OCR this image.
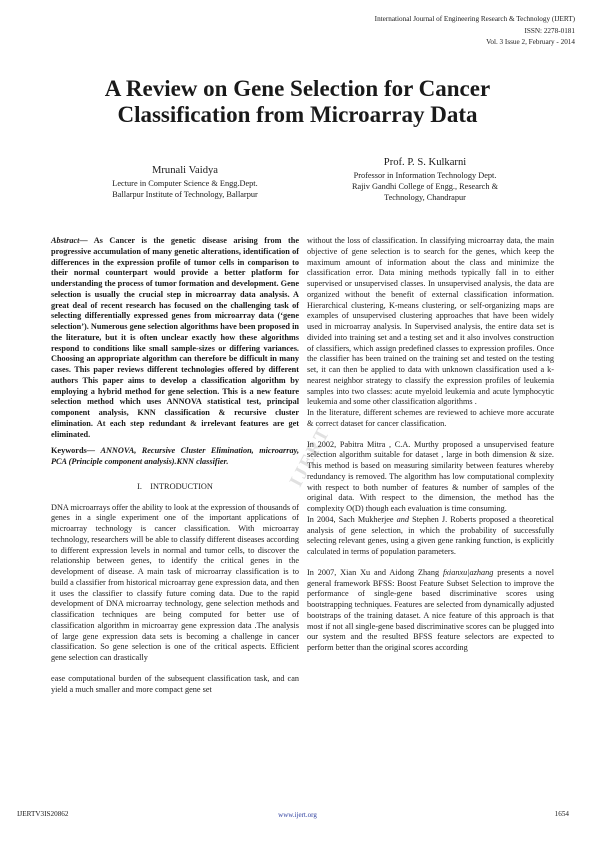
International Journal of Engineering Research & Technology (IJERT)
ISSN: 2278-0181
Vol. 3 Issue 2, February - 2014
A Review on Gene Selection for Cancer
Classification from Microarray Data
Mrunali Vaidya
Lecture in Computer Science & Engg.Dept.
Ballarpur Institute of Technology, Ballarpur
Prof. P. S. Kulkarni
Professor in Information Technology Dept.
Rajiv Gandhi College of Engg., Research &
Technology, Chandrapur

Abstract— As Cancer is the genetic disease arising from the progressive accumulation of many genetic alterations, identification of differences in the expression profile of tumor cells in comparison to their normal counterpart would provide a better platform for understanding the process of tumor formation and development. Gene selection is usually the crucial step in microarray data analysis. A great deal of recent research has focused on the challenging task of selecting differentially expressed genes from microarray data (‘gene selection’). Numerous gene selection algorithms have been proposed in the literature, but it is often unclear exactly how these algorithms respond to conditions like small sample-sizes or differing variances. Choosing an appropriate algorithm can therefore be difficult in many cases. This paper reviews different technologies offered by different authors This paper aims to develop a classification algorithm by employing a hybrid method for gene selection. This is a new feature selection method which uses ANNOVA statistical test, principal component analysis, KNN classification & recursive cluster elimination. At each step redundant & irrelevant features are get eliminated.

Keywords— ANNOVA, Recursive Cluster Elimination, microarray, PCA (Principle component analysis).KNN classifier.

I. INTRODUCTION

DNA microarrays offer the ability to look at the expression of thousands of genes in a single experiment one of the important applications of microarray technology is cancer classification. With microarray technology, researchers will be able to classify different diseases according to different expression levels in normal and tumor cells, to discover the relationship between genes, to identify the critical genes in the development of disease. A main task of microarray classification is to build a classifier from historical microarray gene expression data, and then it uses the classifier to classify future coming data. Due to the rapid development of DNA microarray technology, gene selection methods and classification techniques are being computed for better use of classification algorithm in microarray gene expression data .The analysis of large gene expression data sets is becoming a challenge in cancer classification. So gene selection is one of the critical aspects. Efficient gene selection can drastically

ease computational burden of the subsequent classification task, and can yield a much smaller and more compact gene set

without the loss of classification. In classifying microarray data, the main objective of gene selection is to search for the genes, which keep the maximum amount of information about the class and minimize the classification error. Data mining methods typically fall in to either supervised or unsupervised classes. In unsupervised analysis, the data are organized without the benefit of external classification information. Hierarchical clustering, K-means clustering, or self-organizing maps are examples of unsupervised clustering approaches that have been widely used in microarray analysis. In Supervised analysis, the entire data set is divided into training set and a testing set and it also involves construction of classifiers, which assign predefined classes to expression profiles. Once the classifier has been trained on the training set and tested on the testing set, it can then be applied to data with unknown classification used a k-nearest neighbor strategy to classify the expression profiles of leukemia samples into two classes: acute myeloid leukemia and acute lymphocytic leukemia and some other classification algorithms .

In the literature, different schemes are reviewed to achieve more accurate & correct dataset for cancer classification.

In 2002, Pabitra Mitra , C.A. Murthy proposed a unsupervised feature selection algorithm suitable for dataset , large in both dimension & size. This method is based on measuring similarity between features whereby redundancy is removed. The algorithm has low computational complexity with respect to both number of features & number of samples of the original data. With respect to the dimension, the method has the complexity O(D) though each evaluation is time consuming.

In 2004, Sach Mukherjee and Stephen J. Roberts proposed a theoretical analysis of gene selection, in which the probability of successfully selecting relevant genes, using a given gene ranking function, is explicitly calculated in terms of population parameters.

In 2007, Xian Xu and Aidong Zhang fxianxu|azhang presents a novel general framework BFSS: Boost Feature Subset Selection to improve the performance of single-gene based discriminative scores using bootstrapping techniques. Features are selected from dynamically adjusted bootstraps of the training dataset. A nice feature of this approach is that most if not all single-gene based discriminative scores can be plugged into our system and the resulted BFSS feature selectors are expected to perform better than the original scores according

IJERT
IJERTV3IS20862	www.ijert.org	1654
